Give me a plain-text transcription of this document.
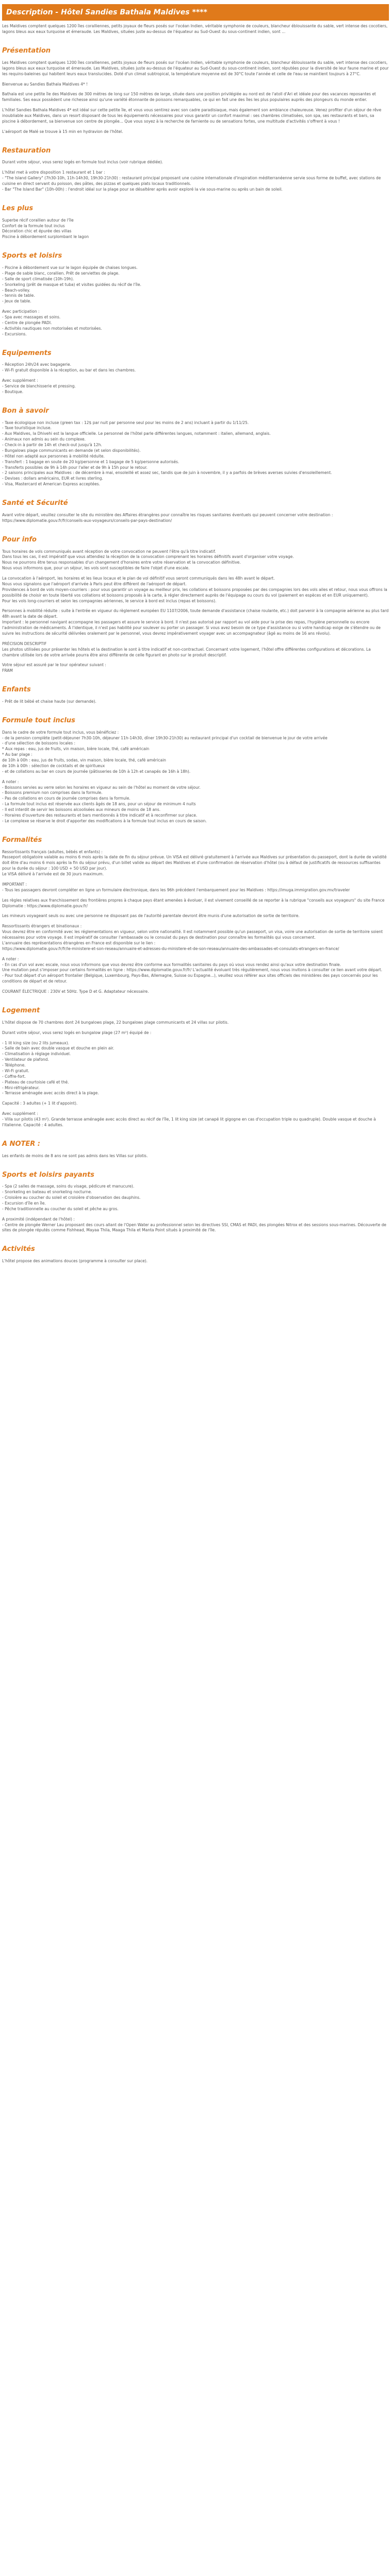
Description - Hôtel Sandies Bathala Maldives ****

Les Maldives comptent quelques 1200 îles coralliennes, petits joyaux de fleurs posés sur l'océan Indien, véritable symphonie de couleurs, blancheur éblouissante du sable, vert intense des cocotiers, lagons bleus aux eaux turquoise et émeraude. Les Maldives, situées juste au-dessus de l'équateur au Sud-Ouest du sous-continent indien, sont ...

Présentation

Les Maldives comptent quelques 1200 îles coralliennes, petits joyaux de fleurs posés sur l'océan Indien, véritable symphonie de couleurs, blancheur éblouissante du sable, vert intense des cocotiers, lagons bleus aux eaux turquoise et émeraude. Les Maldives, situées juste au-dessus de l'équateur au Sud-Ouest du sous-continent indien, sont réputées pour la diversité de leur faune marine et pour les requins-baleines qui habitent leurs eaux translucides. Doté d'un climat subtropical, la température moyenne est de 30°C toute l'année et celle de l'eau se maintient toujours à 27°C.

Bienvenue au Sandies Bathala Maldives 4* !

Bathala est une petite île des Maldives de 300 mètres de long sur 150 mètres de large, située dans une position privilégiée au nord est de l'atoll d'Ari et idéale pour des vacances reposantes et familiales. Ses eaux possèdent une richesse ainsi qu'une variété étonnante de poissons remarquables, ce qui en fait une des îles les plus populaires auprès des plongeurs du monde entier.

L'hôtel Sandies Bathala Maldives 4* est idéal sur cette petite île, et vous vous sentirez avec son cadre paradisiaque, mais également son ambiance chaleureuse. Venez profiter d'un séjour de rêve inoubliable aux Maldives, dans un resort disposant de tous les équipements nécessaires pour vous garantir un confort maximal : ses chambres climatisées, son spa, ses restaurants et bars, sa piscine à débordement, sa bienvenue son centre de plongée... Que vous soyez à la recherche de farniente ou de sensations fortes, une multitude d'activités s'offrent à vous !

L'aéroport de Malé se trouve à 15 min en hydravion de l'hôtel.

Restauration

Durant votre séjour, vous serez logés en formule tout inclus (voir rubrique dédiée).

L'hôtel met à votre disposition 1 restaurant et 1 bar :
- "The Island Gallery" (7h30-10h, 11h-14h30, 19h30-21h30) : restaurant principal proposant une cuisine internationale d'inspiration méditerranéenne servie sous forme de buffet, avec stations de cuisine en direct servant du poisson, des pâtes, des pizzas et quelques plats locaux traditionnels.
- Bar "The Island Bar" (10h-00h) : l'endroit idéal sur la plage pour se désaltérer après avoir exploré la vie sous-marine ou après un bain de soleil.

Les plus

Superbe récif corallien autour de l'île
Confort de la formule tout inclus
Décoration chic et épurée des villas
Piscine à débordement surplombant le lagon

Sports et loisirs

- Piscine à débordement vue sur le lagon équipée de chaises longues.
- Plage de sable blanc, corallien. Prêt de serviettes de plage.
- Salle de sport climatisée (10h-19h).
- Snorkeling (prêt de masque et tuba) et visites guidées du récif de l'île.
- Beach-volley.
- tennis de table.
- Jeux de table.

Avec participation :
- Spa avec massages et soins.
- Centre de plongée PADI.
- Activités nautiques non motorisées et motorisées.
- Excursions.

Equipements

- Réception 24h/24 avec bagagerie.
- Wi-Fi gratuit disponible à la réception, au bar et dans les chambres.

Avec supplément :
- Service de blanchisserie et pressing.
- Boutique.

Bon à savoir

- Taxe écologique non incluse (green tax : 12$ par nuit par personne seul pour les moins de 2 ans) incluant à partir du 1/11/25.
- Taxe touristique incluse.
- Aux Maldives, la Dhivehi est la langue officielle. Le personnel de l'hôtel parle différentes langues, notamment : italien, allemand, anglais.
- Animaux non admis au sein du complexe.
- Check-in à partir de 14h et check-out jusqu'à 12h.
- Bungalows plage communicants en demande (et selon disponibilités).
- Hôtel non adapté aux personnes à mobilité réduite.
- Transfert : 1 bagage en soute de 20 kg/personne et 1 bagage de 5 kg/personne autorisés.
- Transferts possibles de 9h à 14h pour l'aller et de 9h à 15h pour le retour.
- 2 saisons principales aux Maldives : de décembre à mai, ensoleillé et assez sec, tandis que de juin à novembre, il y a parfois de brèves averses suivies d'ensoleillement.
- Devises : dollars américains, EUR et livres sterling.
- Visa, Mastercard et American Express acceptées.

Santé et Sécurité

Avant votre départ, veuillez consulter le site du ministère des Affaires étrangères pour connaître les risques sanitaires éventuels qui peuvent concerner votre destination : https://www.diplomatie.gouv.fr/fr/conseils-aux-voyageurs/conseils-par-pays-destination/

Pour info

Tous horaires de vols communiqués avant réception de votre convocation ne peuvent l'être qu'à titre indicatif.
Dans tous les cas, il est impératif que vous attendiez la réception de la convocation comprenant les horaires définitifs avant d'organiser votre voyage.
Nous ne pourrons être tenus responsables d'un changement d'horaires entre votre réservation et la convocation définitive.
Nous vous informons que, pour un séjour, les vols sont susceptibles de faire l'objet d'une escale.

La convocation à l'aéroport, les horaires et les lieux locaux et le plan de vol définitif vous seront communiqués dans les 48h avant le départ.
Nous vous signalons que l'aéroport d'arrivée à Paris peut être différent de l'aéroport de départ.
Providences à bord de vols moyen-courriers : pour vous garantir un voyage au meilleur prix, les collations et boissons proposées par des compagnies lors des vols ailes et retour, nous vous offrons la possibilité de choisir en toute liberté vos collations et boissons proposés à la carte, à régler directement auprès de l'équipage ou cours du vol (paiement en espèces et en EUR uniquement).
Pour les vols long-courriers et selon les compagnies aériennes, le service à bord est inclus (repas et boissons).

Personnes à mobilité réduite : suite à l'entrée en vigueur du règlement européen EU 1107/2006, toute demande d'assistance (chaise roulante, etc.) doit parvenir à la compagnie aérienne au plus tard 48h avant la date de départ.
Important : le personnel navigant accompagne les passagers et assure le service à bord. Il n'est pas autorisé par rapport au vol aide pour la prise des repas, l'hygiène personnelle ou encore l'administration de médicaments. À l'identique, il n'est pas habilité pour soulever ou porter un passager. Si vous avez besoin de ce type d'assistance ou si votre handicap exige de s'étendre ou de suivre les instructions de sécurité délivrées oralement par le personnel, vous devrez impérativement voyager avec un accompagnateur (âgé au moins de 16 ans révolu).

PRÉCISION DESCRIPTIF
Les photos utilisées pour présenter les hôtels et la destination le sont à titre indicatif et non-contractuel. Concernant votre logement, l'hôtel offre différentes configurations et décorations. La chambre utilisée lors de votre arrivée pourra être ainsi différente de celle figurant en photo sur le produit descriptif.

Votre séjour est assuré par le tour opérateur suivant :
FRAM

Enfants

- Prêt de lit bébé et chaise haute (sur demande).

Formule tout inclus

Dans le cadre de votre formule tout inclus, vous bénéficiez :
- de la pension complète (petit-déjeuner 7h30-10h, déjeuner 11h-14h30, dîner 19h30-21h30) au restaurant principal d'un cocktail de bienvenue le jour de votre arrivée
- d'une sélection de boissons locales :
* Aux repas : eau, jus de fruits, vin maison, bière locale, thé, café américain
* Au bar plage :
de 10h à 00h : eau, jus de fruits, sodas, vin maison, bière locale, thé, café américain
de 10h à 00h : sélection de cocktails et de spiritueux
- et de collations au bar en cours de journée (pâtisseries de 10h à 12h et canapés de 16h à 18h).

A noter :
- Boissons servies au verre selon les horaires en vigueur au sein de l'hôtel au moment de votre séjour.
- Boissons premium non comprises dans la formule.
- Pas de collations en cours de journée comprises dans la formule.
- La formule tout inclus est réservée aux clients âgés de 18 ans, pour un séjour de minimum 4 nuits
- Il est interdit de servir les boissons alcoolisées aux mineurs de moins de 18 ans.
- Horaires d'ouverture des restaurants et bars mentionnés à titre indicatif et à reconfirmer sur place.
- Le complexe se réserve le droit d'apporter des modifications à la formule tout inclus en cours de saison.

Formalités

Ressortissants français (adultes, bébés et enfants) :
Passeport obligatoire valable au moins 6 mois après la date de fin du séjour prévue. Un VISA est délivré gratuitement à l'arrivée aux Maldives sur présentation du passeport, dont la durée de validité doit être d'au moins 6 mois après la fin du séjour prévu, d'un billet valide au départ des Maldives et d'une confirmation de réservation d'hôtel (ou à défaut de justificatifs de ressources suffisantes pour la durée du séjour : 100 USD + 50 USD par jour).
Le VISA délivré à l'arrivée est de 30 jours maximum.

IMPORTANT :
- Tous les passagers devront compléter en ligne un formulaire électronique, dans les 96h précédent l'embarquement pour les Maldives : https://imuga.immigration.gov.mv/traveler

Les règles relatives aux franchissement des frontières propres à chaque pays étant amenées à évoluer, il est vivement conseillé de se reporter à la rubrique "conseils aux voyageurs" du site France Diplomatie : https://www.diplomatie.gouv.fr/

Les mineurs voyageant seuls ou avec une personne ne disposant pas de l'autorité parentale devront être munis d'une autorisation de sortie de territoire.

Ressortissants étrangers et binationaux :
Vous devrez être en conformité avec les réglementations en vigueur, selon votre nationalité. Il est notamment possible qu'un passeport, un visa, voire une autorisation de sortie de territoire soient nécessaires pour votre voyage. Il est impératif de consulter l'ambassade ou le consulat du pays de destination pour connaître les formalités qui vous concernent.
L'annuaire des représentations étrangères en France est disponible sur le lien :
https://www.diplomatie.gouv.fr/fr/le-ministere-et-son-reseau/annuaire-et-adresses-du-ministere-et-de-son-reseau/annuaire-des-ambassades-et-consulats-etrangers-en-france/

A noter :
- En cas d'un vol avec escale, nous vous informons que vous devrez être conforme aux formalités sanitaires du pays où vous vous rendez ainsi qu'aux votre destination finale.
Une mutation peut s'imposer pour certains formalités en ligne : https://www.diplomatie.gouv.fr/fr/ L'actualité évoluant très régulièrement, nous vous invitons à consulter ce lien avant votre départ.
- Pour tout départ d'un aéroport frontalier (Belgique, Luxembourg, Pays-Bas, Allemagne, Suisse ou Espagne...), veuillez vous référer aux sites officiels des ministères des pays concernés pour les conditions de départ et de retour.

COURANT ÉLECTRIQUE : 230V et 50Hz. Type D et G. Adaptateur nécessaire.

Logement

L'hôtel dispose de 70 chambres dont 24 bungalows plage, 22 bungalows plage communicants et 24 villas sur pilotis.

Durant votre séjour, vous serez logés en bungalow plage (27 m²) équipé de :

- 1 lit king size (ou 2 lits jumeaux).
- Salle de bain avec double vasque et douche en plein air.
- Climatisation à réglage individuel.
- Ventilateur de plafond.
- Téléphone.
- Wi-Fi gratuit.
- Coffre-fort.
- Plateau de courtoisie café et thé.
- Mini-réfrigérateur.
- Terrasse aménagée avec accès direct à la plage.

Capacité : 3 adultes (+ 1 lit d'appoint).

Avec supplément :
- Villa sur pilotis (43 m²). Grande terrasse aménagée avec accès direct au récif de l'île, 1 lit king size (et canapé lit gigogne en cas d'occupation triple ou quadruple). Double vasque et douche à l'italienne. Capacité : 4 adultes.

A NOTER :

Les enfants de moins de 8 ans ne sont pas admis dans les Villas sur pilotis.

Sports et loisirs payants

- Spa (2 salles de massage, soins du visage, pédicure et manucure).
- Snorkeling en bateau et snorkeling nocturne.
- Croisière au coucher du soleil et croisière d'observation des dauphins.
- Excursion d'île en île.
- Pêche traditionnelle au coucher du soleil et pêche au gros.

A proximité (indépendant de l'hôtel) :
- Centre de plongée Werner Lau proposant des cours allant de l'Open Water au professionnel selon les directives SSI, CMAS et PADI, des plongées Nitrox et des sessions sous-marines. Découverte de sites de plongée réputés comme Fishhead, Mayaa Thila, Maaga Thila et Manta Point situés à proximité de l'île.

Activités

L'hôtel propose des animations douces (programme à consulter sur place).
